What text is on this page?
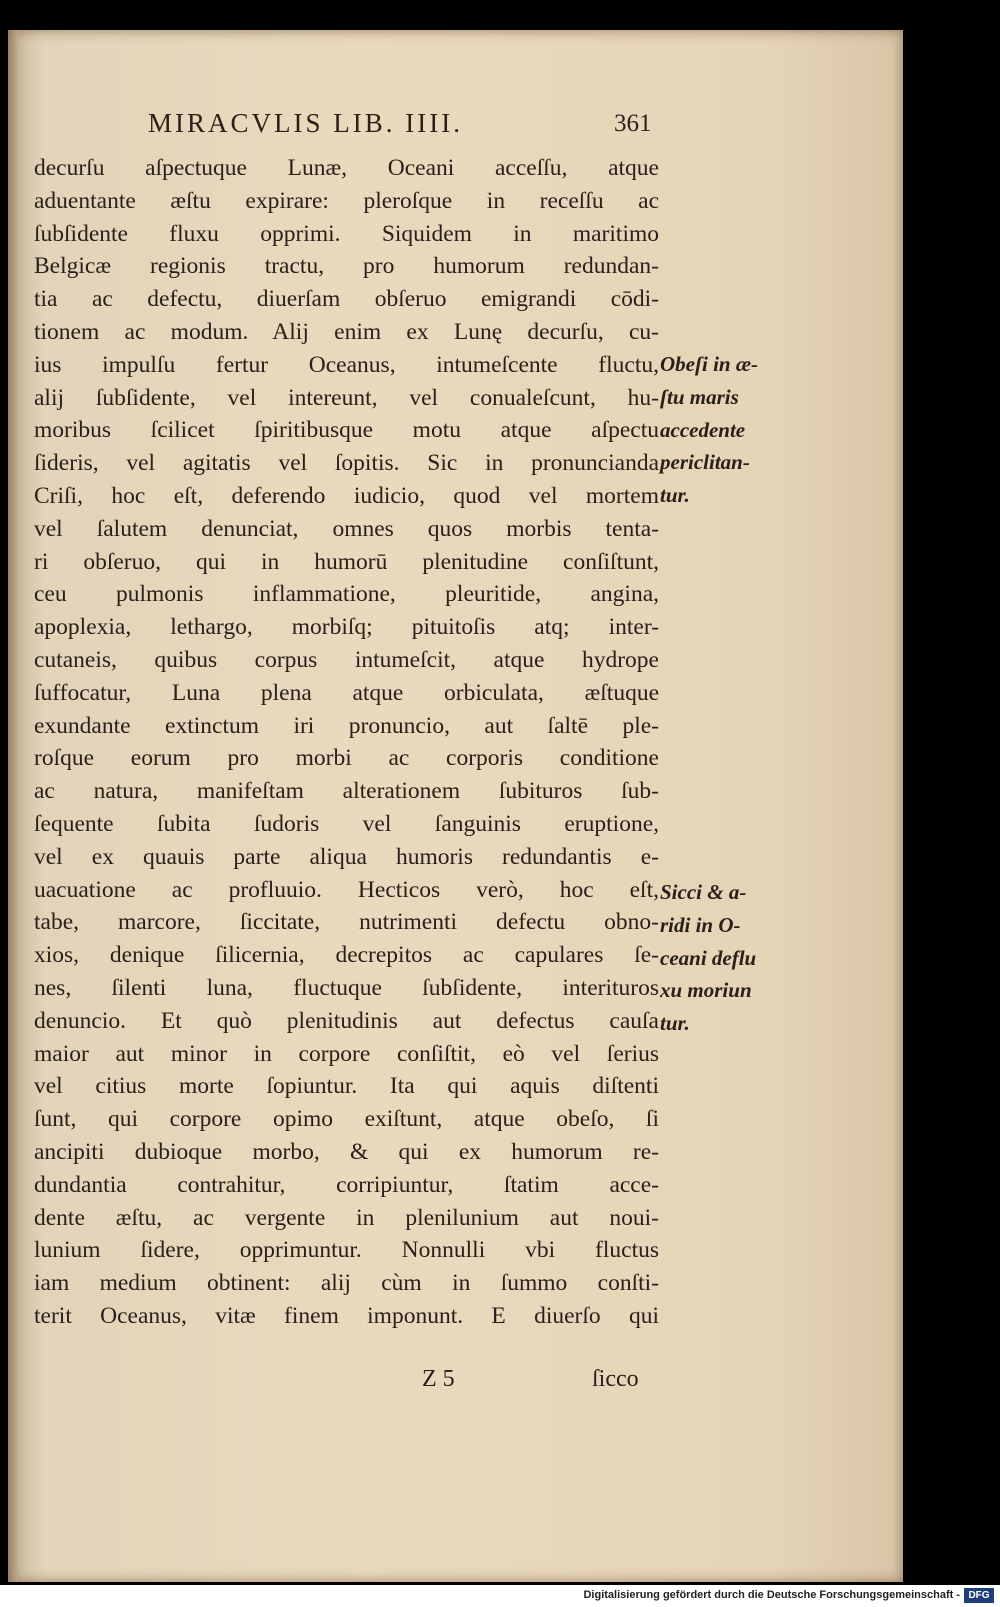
MIRACVLIS LIB. IIII.	361
decurſu aſpectuque Lunæ, Oceani acceſſu, atque
aduentante æſtu expirare: pleroſque in receſſu ac
ſubſidente fluxu opprimi. Siquidem in maritimo
Belgicæ regionis tractu, pro humorum redundan-
tia ac defectu, diuerſam obſeruo emigrandi cōdi-
tionem ac modum. Alij enim ex Lunę decurſu, cu-
ius impulſu fertur Oceanus, intumeſcente fluctu,
alij ſubſidente, vel intereunt, vel conualeſcunt, hu-
moribus ſcilicet ſpiritibusque motu atque aſpectu
ſideris, vel agitatis vel ſopitis. Sic in pronuncianda
Criſi, hoc eſt, deferendo iudicio, quod vel mortem
vel ſalutem denunciat, omnes quos morbis tenta-
ri obſeruo, qui in humorū plenitudine conſiſtunt,
ceu pulmonis inflammatione, pleuritide, angina,
apoplexia, lethargo, morbiſq; pituitoſis atq; inter-
cutaneis, quibus corpus intumeſcit, atque hydrope
ſuffocatur, Luna plena atque orbiculata, æſtuque
exundante extinctum iri pronuncio, aut ſaltē ple-
roſque eorum pro morbi ac corporis conditione
ac natura, manifeſtam alterationem ſubituros ſub-
ſequente ſubita ſudoris vel ſanguinis eruptione,
vel ex quauis parte aliqua humoris redundantis e-
uacuatione ac profluuio. Hecticos verò, hoc eſt,
tabe, marcore, ſiccitate, nutrimenti defectu obno-
xios, denique ſilicernia, decrepitos ac capulares ſe-
nes, ſilenti luna, fluctuque ſubſidente, interituros
denuncio. Et quò plenitudinis aut defectus cauſa
maior aut minor in corpore conſiſtit, eò vel ſerius
vel citius morte ſopiuntur. Ita qui aquis diſtenti
ſunt, qui corpore opimo exiſtunt, atque obeſo, ſi
ancipiti dubioque morbo, & qui ex humorum re-
dundantia contrahitur, corripiuntur, ſtatim acce-
dente æſtu, ac vergente in plenilunium aut noui-
lunium ſidere, opprimuntur. Nonnulli vbi fluctus
iam medium obtinent: alij cùm in ſummo conſti-
terit Oceanus, vitæ finem imponunt. E diuerſo qui
Obeſi in æ-
ſtu maris
accedente
periclitan-
tur.
Sicci & a-
ridi in O-
ceani deflu
xu moriun
tur.
Z 5	ſicco
Digitalisierung gefördert durch die Deutsche Forschungsgemeinschaft - DFG
